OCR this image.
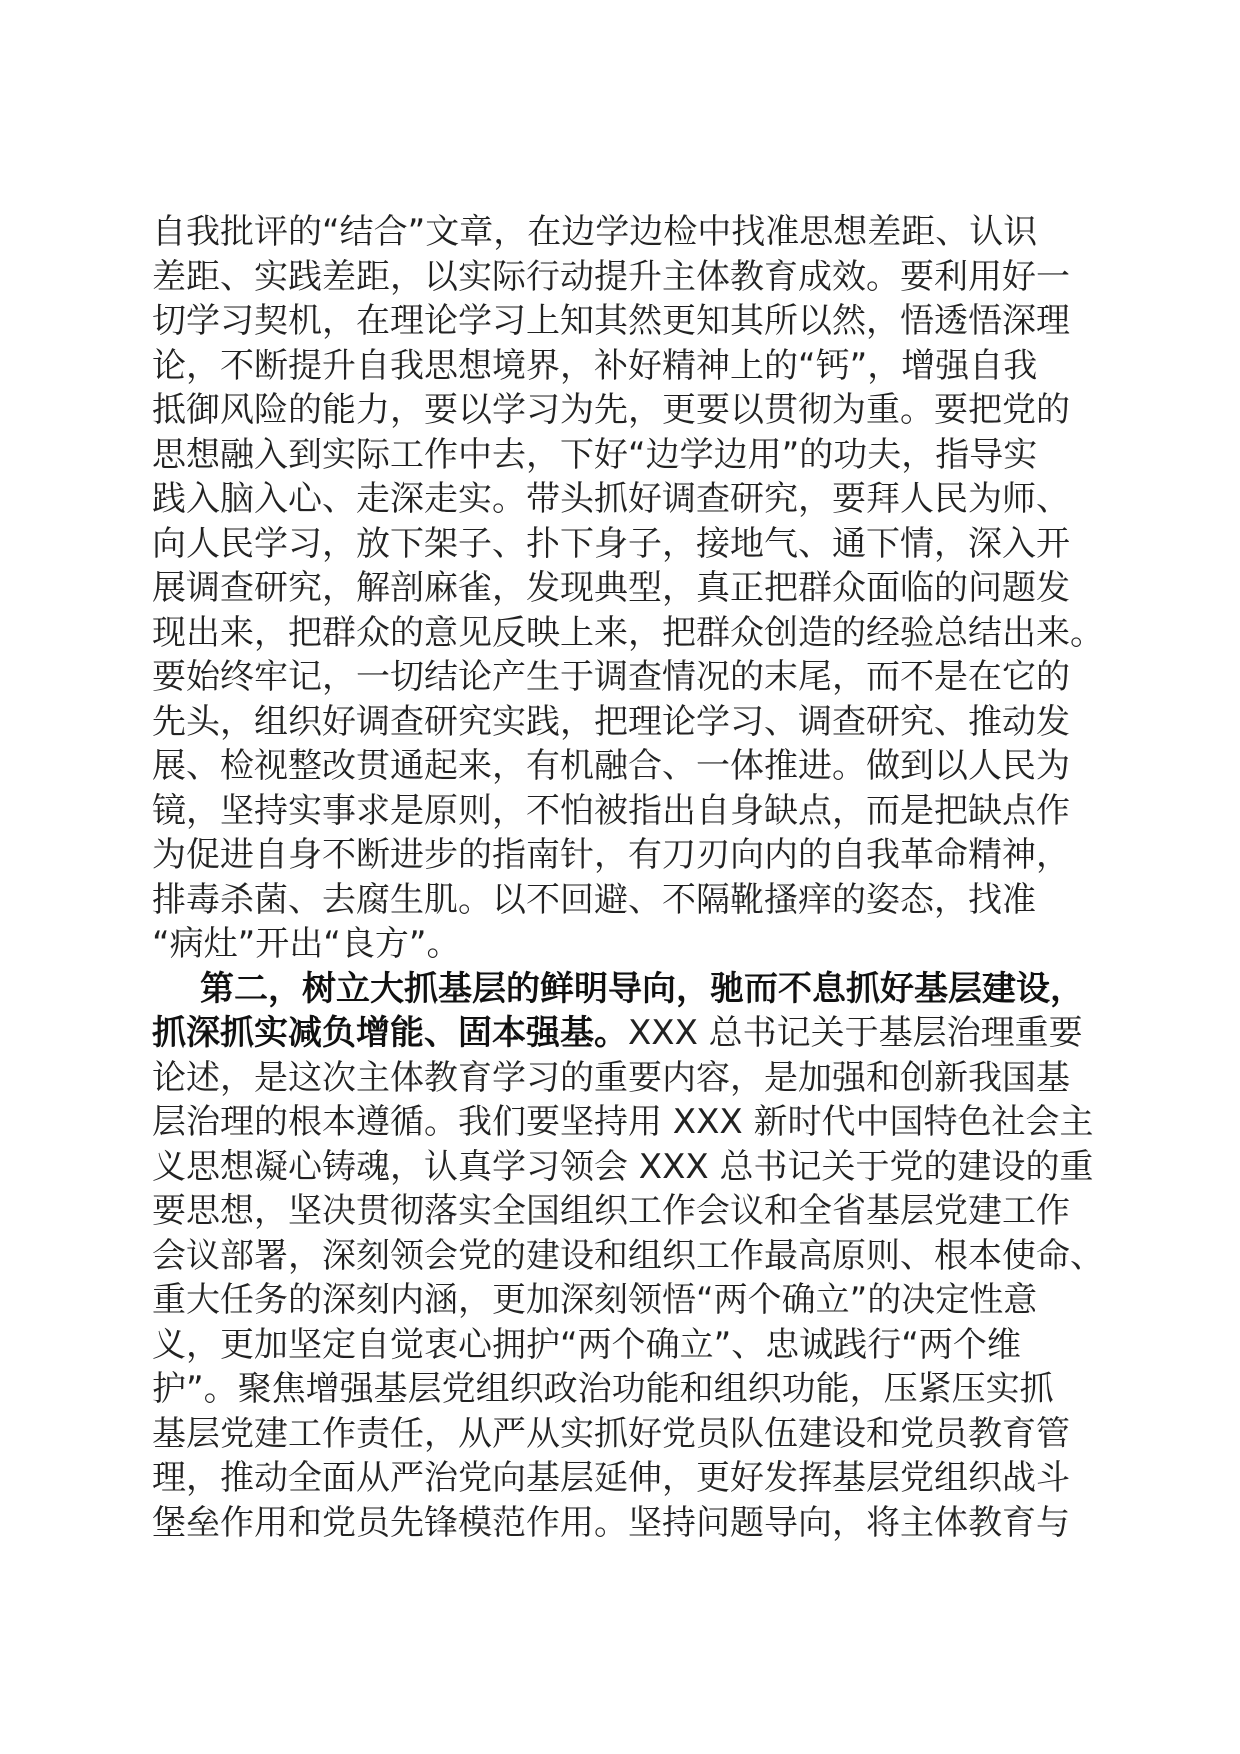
自我批评的“结合”文章，在边学边检中找准思想差距、认识
差距、实践差距，以实际行动提升主体教育成效。要利用好一
切学习契机，在理论学习上知其然更知其所以然，悟透悟深理
论，不断提升自我思想境界，补好精神上的“钙”，增强自我
抵御风险的能力，要以学习为先，更要以贯彻为重。要把党的
思想融入到实际工作中去，下好“边学边用”的功夫，指导实
践入脑入心、走深走实。带头抓好调查研究，要拜人民为师、
向人民学习，放下架子、扑下身子，接地气、通下情，深入开
展调查研究，解剖麻雀，发现典型，真正把群众面临的问题发
现出来，把群众的意见反映上来，把群众创造的经验总结出来。
要始终牢记，一切结论产生于调查情况的末尾，而不是在它的
先头，组织好调查研究实践，把理论学习、调查研究、推动发
展、检视整改贯通起来，有机融合、一体推进。做到以人民为
镜，坚持实事求是原则，不怕被指出自身缺点，而是把缺点作
为促进自身不断进步的指南针，有刀刃向内的自我革命精神，
排毒杀菌、去腐生肌。以不回避、不隔靴搔痒的姿态，找准
“病灶”开出“良方”。
第二，树立大抓基层的鲜明导向，驰而不息抓好基层建设，
抓深抓实减负增能、固本强基。XXX 总书记关于基层治理重要
论述，是这次主体教育学习的重要内容，是加强和创新我国基
层治理的根本遵循。我们要坚持用 XXX 新时代中国特色社会主
义思想凝心铸魂，认真学习领会 XXX 总书记关于党的建设的重
要思想，坚决贯彻落实全国组织工作会议和全省基层党建工作
会议部署，深刻领会党的建设和组织工作最高原则、根本使命、
重大任务的深刻内涵，更加深刻领悟“两个确立”的决定性意
义，更加坚定自觉衷心拥护“两个确立”、忠诚践行“两个维
护”。聚焦增强基层党组织政治功能和组织功能，压紧压实抓
基层党建工作责任，从严从实抓好党员队伍建设和党员教育管
理，推动全面从严治党向基层延伸，更好发挥基层党组织战斗
堡垒作用和党员先锋模范作用。坚持问题导向，将主体教育与
